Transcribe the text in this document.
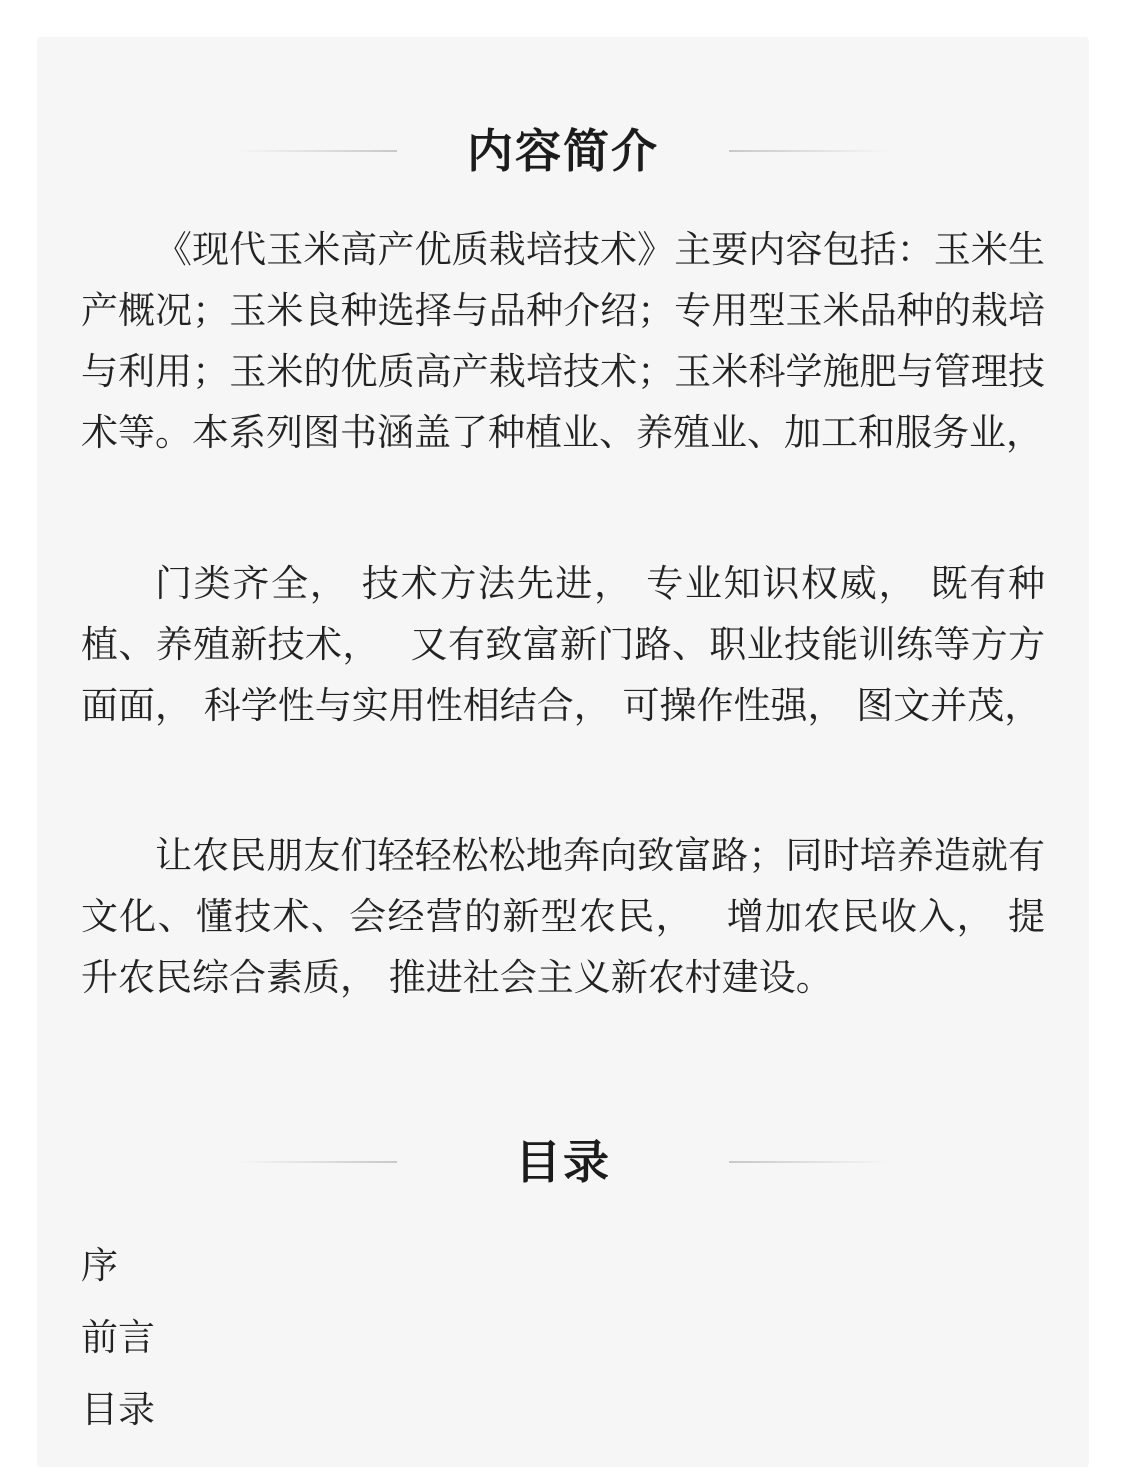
内容简介

《现代玉米高产优质栽培技术》主要内容包括：玉米生产概况；玉米良种选择与品种介绍；专用型玉米品种的栽培与利用；玉米的优质高产栽培技术；玉米科学施肥与管理技术等。本系列图书涵盖了种植业、养殖业、加工和服务业，

门类齐全， 技术方法先进， 专业知识权威， 既有种植、养殖新技术，　 又有致富新门路、职业技能训练等方方面面， 科学性与实用性相结合， 可操作性强， 图文并茂，

让农民朋友们轻轻松松地奔向致富路；同时培养造就有文化、懂技术、会经营的新型农民，　 增加农民收入， 提升农民综合素质， 推进社会主义新农村建设。

目录
序
前言
目录
